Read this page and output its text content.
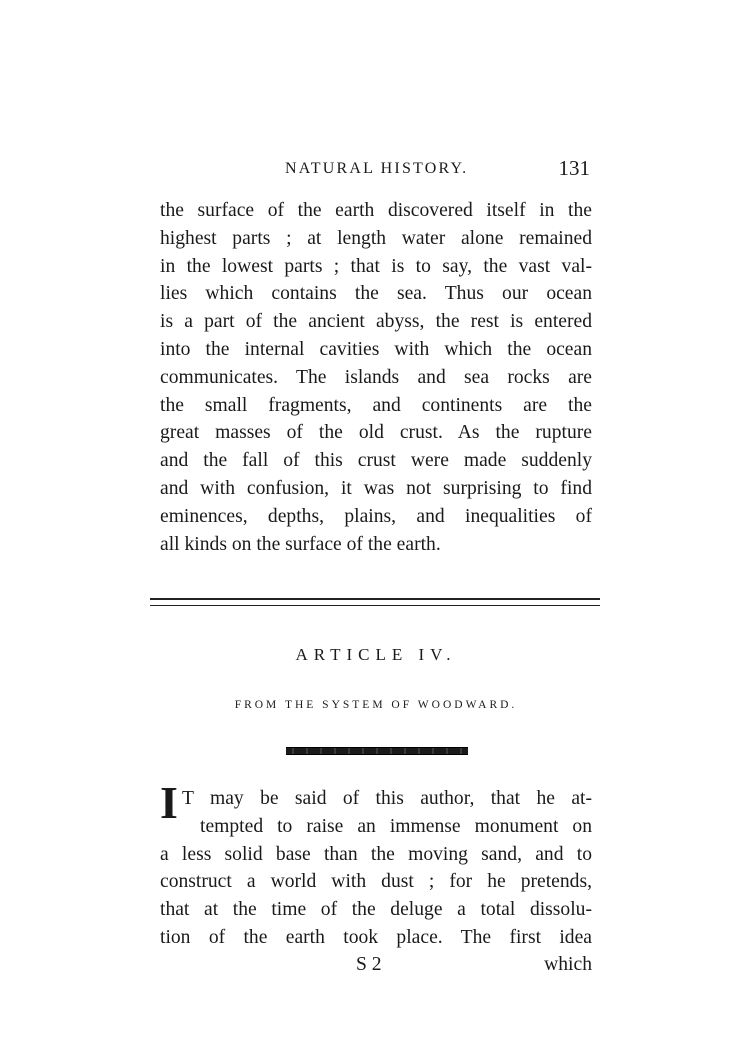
NATURAL HISTORY.	131
the surface of the earth discovered itself in the
highest parts ; at length water alone remained
in the lowest parts ; that is to say, the vast val-
lies which contains the sea. Thus our ocean
is a part of the ancient abyss, the rest is entered
into the internal cavities with which the ocean
communicates. The islands and sea rocks are
the small fragments, and continents are the
great masses of the old crust. As the rupture
and the fall of this crust were made suddenly
and with confusion, it was not surprising to find
eminences, depths, plains, and inequalities of
all kinds on the surface of the earth.
ARTICLE IV.
FROM THE SYSTEM OF WOODWARD.
I T may be said of this author, that he at-
tempted to raise an immense monument on
a less solid base than the moving sand, and to
construct a world with dust ; for he pretends,
that at the time of the deluge a total dissolu-
tion of the earth took place. The first idea
S 2	which
